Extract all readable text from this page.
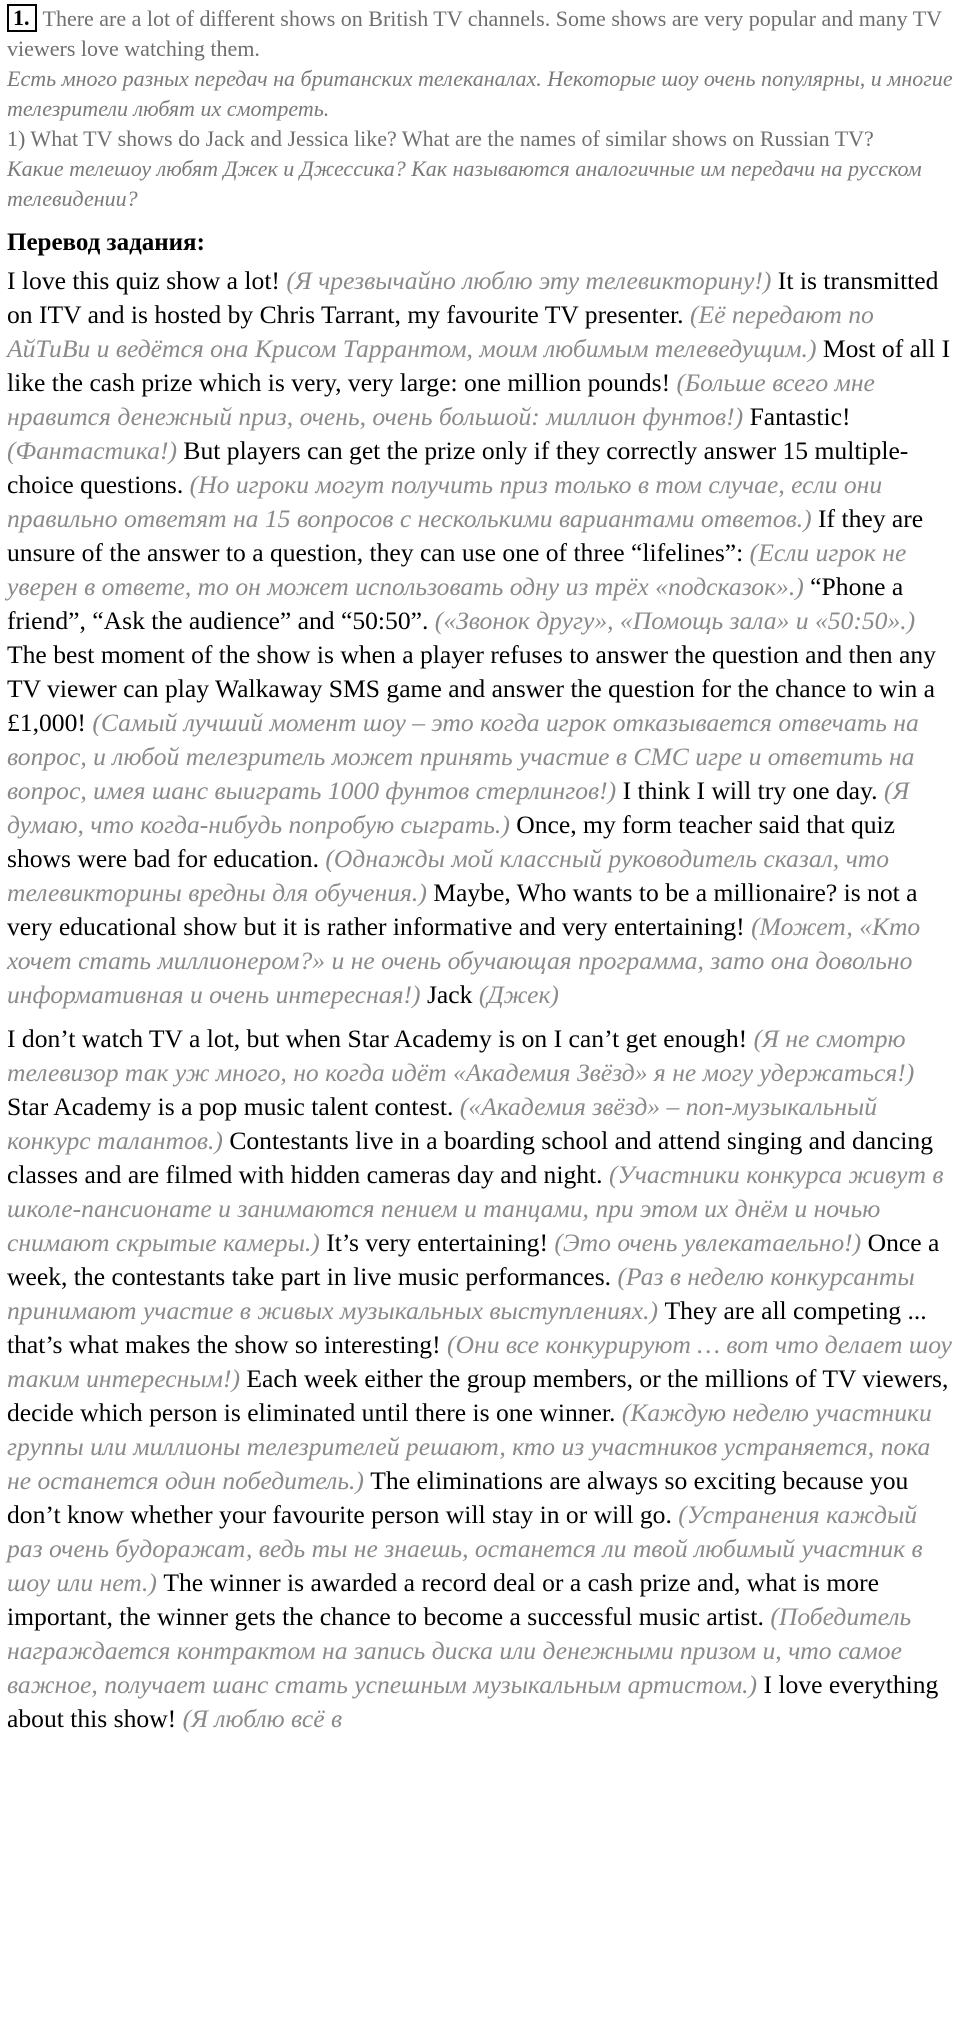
1. There are a lot of different shows on British TV channels. Some shows are very popular and many TV viewers love watching them.

Есть много разных передач на британских телеканалах. Некоторые шоу очень популярны, и многие телезрители любят их смотреть.

1) What TV shows do Jack and Jessica like? What are the names of similar shows on Russian TV?

Какие телешоу любят Джек и Джессика? Как называются аналогичные им передачи на русском телевидении?

Перевод задания:

I love this quiz show a lot! (Я чрезвычайно люблю эту телевикторину!) It is transmitted on ITV and is hosted by Chris Tarrant, my favourite TV presenter. (Её передают по АйТиВи и ведётся она Крисом Таррантом, моим любимым телеведущим.) Most of all I like the cash prize which is very, very large: one million pounds! (Больше всего мне нравится денежный приз, очень, очень большой: миллион фунтов!) Fantastic! (Фантастика!) But players can get the prize only if they correctly answer 15 multiple-choice questions. (Но игроки могут получить приз только в том случае, если они правильно ответят на 15 вопросов с несколькими вариантами ответов.) If they are unsure of the answer to a question, they can use one of three “lifelines”: (Если игрок не уверен в ответе, то он может использовать одну из трёх «подсказок».) “Phone a friend”, “Ask the audience” and “50:50”. («Звонок другу», «Помощь зала» и «50:50».) The best moment of the show is when a player refuses to answer the question and then any TV viewer can play Walkaway SMS game and answer the question for the chance to win a £1,000! (Самый лучший момент шоу – это когда игрок отказывается отвечать на вопрос, и любой телезритель может принять участие в СМС игре и ответить на вопрос, имея шанс выиграть 1000 фунтов стерлингов!) I think I will try one day. (Я думаю, что когда-нибудь попробую сыграть.) Once, my form teacher said that quiz shows were bad for education. (Однажды мой классный руководитель сказал, что телевикторины вредны для обучения.) Maybe, Who wants to be a millionaire? is not a very educational show but it is rather informative and very entertaining! (Может, «Кто хочет стать миллионером?» и не очень обучающая программа, зато она довольно информативная и очень интересная!) Jack (Джек)

I don’t watch TV a lot, but when Star Academy is on I can’t get enough! (Я не смотрю телевизор так уж много, но когда идёт «Академия Звёзд» я не могу удержаться!) Star Academy is a pop music talent contest. («Академия звёзд» – поп-музыкальный конкурс талантов.) Contestants live in a boarding school and attend singing and dancing classes and are filmed with hidden cameras day and night. (Участники конкурса живут в школе-пансионате и занимаются пением и танцами, при этом их днём и ночью снимают скрытые камеры.) It’s very entertaining! (Это очень увлекатаельно!) Once a week, the contestants take part in live music performances. (Раз в неделю конкурсанты принимают участие в живых музыкальных выступлениях.) They are all competing ... that’s what makes the show so interesting! (Они все конкурируют … вот что делает шоу таким интересным!) Each week either the group members, or the millions of TV viewers, decide which person is eliminated until there is one winner. (Каждую неделю участники группы или миллионы телезрителей решают, кто из участников устраняется, пока не останется один победитель.) The eliminations are always so exciting because you don’t know whether your favourite person will stay in or will go. (Устранения каждый раз очень будоражат, ведь ты не знаешь, останется ли твой любимый участник в шоу или нет.) The winner is awarded a record deal or a cash prize and, what is more important, the winner gets the chance to become a successful music artist. (Победитель награждается контрактом на запись диска или денежными призом и, что самое важное, получает шанс стать успешным музыкальным артистом.) I love everything about this show! (Я люблю всё в
